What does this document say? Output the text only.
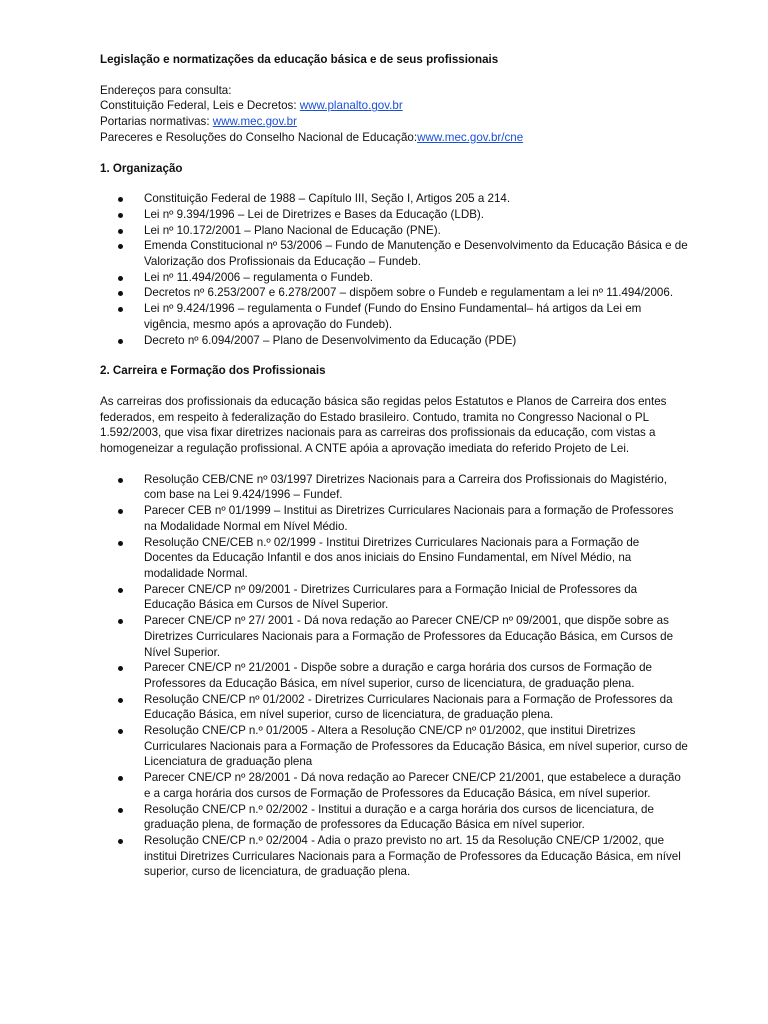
Legislação e normatizações da educação básica e de seus profissionais
Endereços para consulta:
Constituição Federal, Leis e Decretos: www.planalto.gov.br
Portarias normativas: www.mec.gov.br
Pareceres e Resoluções do Conselho Nacional de Educação:www.mec.gov.br/cne
1. Organização
Constituição Federal de 1988 – Capítulo III, Seção I, Artigos 205 a 214.
Lei nº 9.394/1996 – Lei de Diretrizes e Bases da Educação (LDB).
Lei nº 10.172/2001 – Plano Nacional de Educação (PNE).
Emenda Constitucional nº 53/2006 – Fundo de Manutenção e Desenvolvimento da Educação Básica e de Valorização dos Profissionais da Educação – Fundeb.
Lei nº 11.494/2006 – regulamenta o Fundeb.
Decretos nº 6.253/2007 e 6.278/2007 – dispõem sobre o Fundeb e regulamentam a lei nº 11.494/2006.
Lei nº 9.424/1996 – regulamenta o Fundef (Fundo do Ensino Fundamental– há artigos da Lei em vigência, mesmo após a aprovação do Fundeb).
Decreto nº 6.094/2007 – Plano de Desenvolvimento da Educação (PDE)
2. Carreira e Formação dos Profissionais

As carreiras dos profissionais da educação básica são regidas pelos Estatutos e Planos de Carreira dos entes federados, em respeito à federalização do Estado brasileiro. Contudo, tramita no Congresso Nacional o PL 1.592/2003, que visa fixar diretrizes nacionais para as carreiras dos profissionais da educação, com vistas a homogeneizar a regulação profissional. A CNTE apóia a aprovação imediata do referido Projeto de Lei.

Resolução CEB/CNE nº 03/1997 Diretrizes Nacionais para a Carreira dos Profissionais do Magistério, com base na Lei 9.424/1996 – Fundef.
Parecer CEB nº 01/1999 – Institui as Diretrizes Curriculares Nacionais para a formação de Professores na Modalidade Normal em Nível Médio.
Resolução CNE/CEB n.º 02/1999 - Institui Diretrizes Curriculares Nacionais para a Formação de Docentes da Educação Infantil e dos anos iniciais do Ensino Fundamental, em Nível Médio, na modalidade Normal.
Parecer CNE/CP nº 09/2001 - Diretrizes Curriculares para a Formação Inicial de Professores da Educação Básica em Cursos de Nível Superior.
Parecer CNE/CP nº 27/ 2001 - Dá nova redação ao Parecer CNE/CP nº 09/2001, que dispõe sobre as Diretrizes Curriculares Nacionais para a Formação de Professores da Educação Básica, em Cursos de Nível Superior.
Parecer CNE/CP nº 21/2001 - Dispõe sobre a duração e carga horária dos cursos de Formação de Professores da Educação Básica, em nível superior, curso de licenciatura, de graduação plena.
Resolução CNE/CP nº 01/2002 - Diretrizes Curriculares Nacionais para a Formação de Professores da Educação Básica, em nível superior, curso de licenciatura, de graduação plena.
Resolução CNE/CP n.º 01/2005 - Altera a Resolução CNE/CP nº 01/2002, que institui Diretrizes Curriculares Nacionais para a Formação de Professores da Educação Básica, em nível superior, curso de Licenciatura de graduação plena
Parecer CNE/CP nº 28/2001 - Dá nova redação ao Parecer CNE/CP 21/2001, que estabelece a duração e a carga horária dos cursos de Formação de Professores da Educação Básica, em nível superior.
Resolução CNE/CP n.º 02/2002 - Institui a duração e a carga horária dos cursos de licenciatura, de graduação plena, de formação de professores da Educação Básica em nível superior.
Resolução CNE/CP n.º 02/2004 - Adia o prazo previsto no art. 15 da Resolução CNE/CP 1/2002, que institui Diretrizes Curriculares Nacionais para a Formação de Professores da Educação Básica, em nível superior, curso de licenciatura, de graduação plena.
